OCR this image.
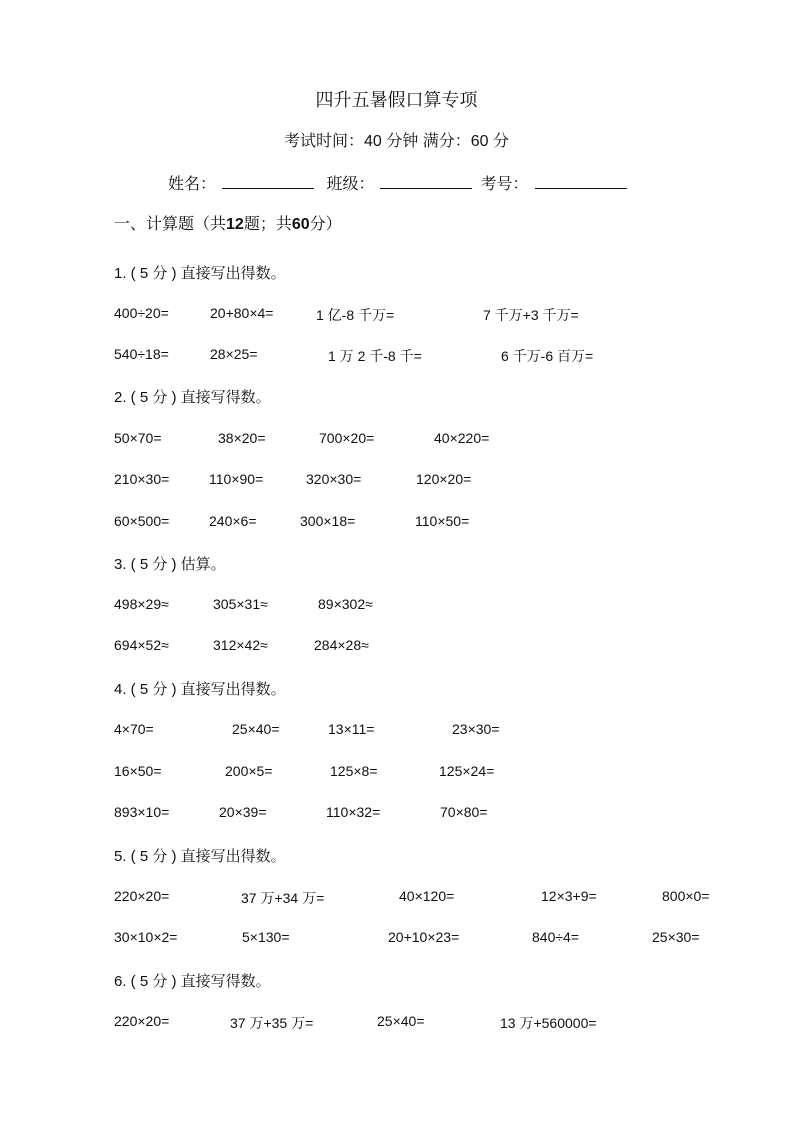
四升五暑假口算专项
考试时间：40 分钟 满分：60 分
姓名：	班级：	考号：
一、计算题（共12题；共60分）
1. ( 5 分 ) 直接写出得数。
400÷20=	20+80×4=	1 亿-8 千万=	7 千万+3 千万=
540÷18=	28×25=	1 万 2 千-8 千=	6 千万-6 百万=
2. ( 5 分 ) 直接写得数。
50×70=	38×20=	700×20=	40×220=
210×30=	110×90=	320×30=	120×20=
60×500=	240×6=	300×18=	110×50=
3. ( 5 分 ) 估算。
498×29≈	305×31≈	89×302≈
694×52≈	312×42≈	284×28≈
4. ( 5 分 ) 直接写出得数。
4×70=	25×40=	13×11=	23×30=
16×50=	200×5=	125×8=	125×24=
893×10=	20×39=	110×32=	70×80=
5. ( 5 分 ) 直接写出得数。
220×20=	37 万+34 万=	40×120=	12×3+9=	800×0=
30×10×2=	5×130=	20+10×23=	840÷4=	25×30=
6. ( 5 分 ) 直接写得数。
220×20=	37 万+35 万=	25×40=	13 万+560000=
